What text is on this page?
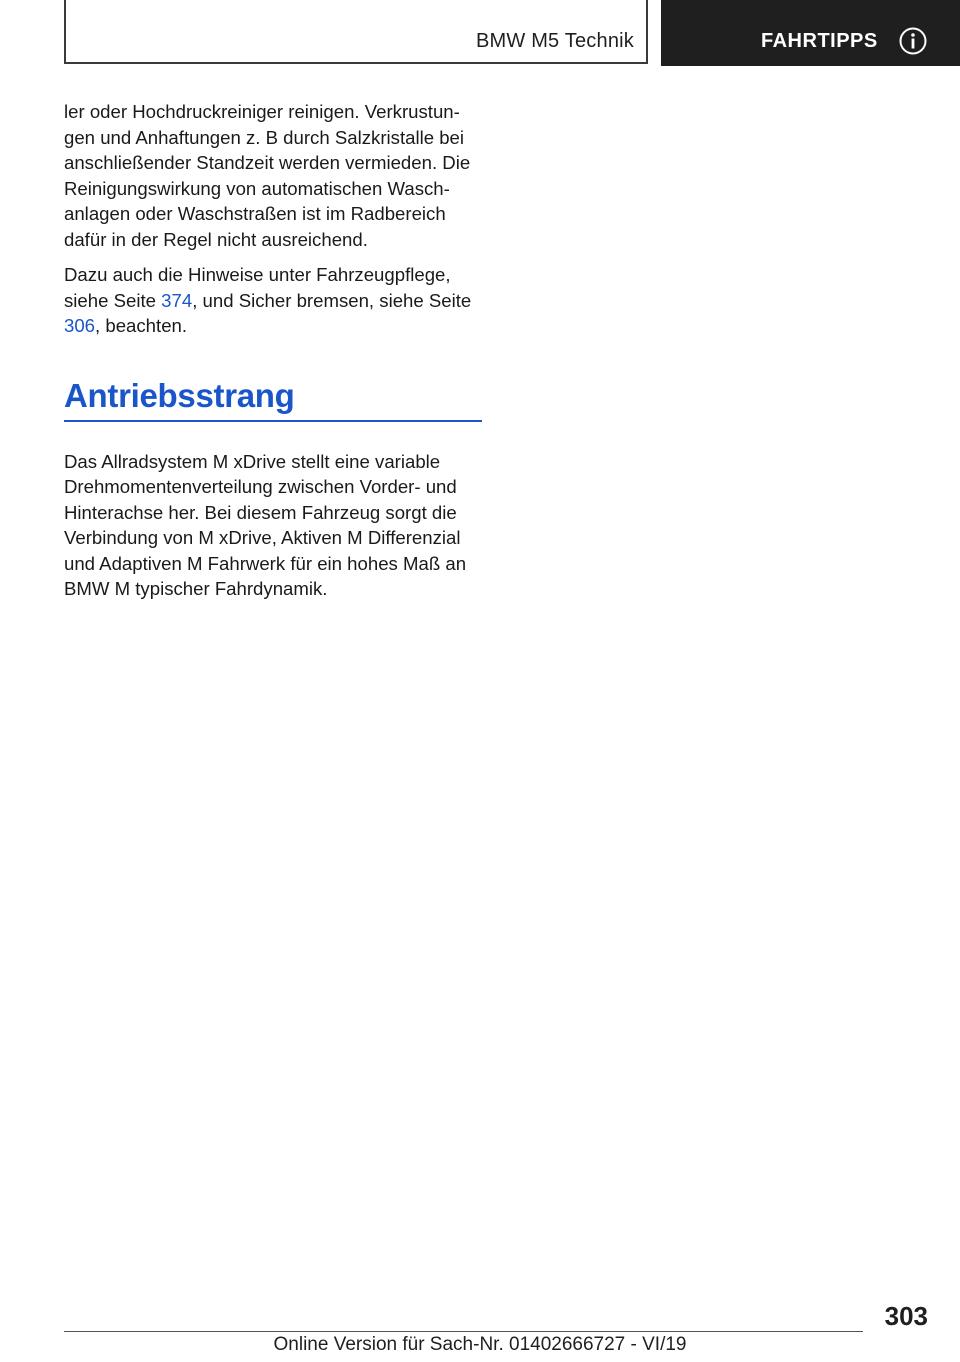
BMW M5 Technik	FAHRTIPPS

ler oder Hochdruckreiniger reinigen. Verkrustun-gen und Anhaftungen z. B durch Salzkristalle bei anschließender Standzeit werden vermieden. Die Reinigungswirkung von automatischen Wasch-anlagen oder Waschstraßen ist im Radbereich dafür in der Regel nicht ausreichend.

Dazu auch die Hinweise unter Fahrzeugpflege, siehe Seite 374, und Sicher bremsen, siehe Seite 306, beachten.

Antriebsstrang

Das Allradsystem M xDrive stellt eine variable Drehmomentenverteilung zwischen Vorder- und Hinterachse her. Bei diesem Fahrzeug sorgt die Verbindung von M xDrive, Aktiven M Differenzial und Adaptiven M Fahrwerk für ein hohes Maß an BMW M typischer Fahrdynamik.

303
Online Version für Sach-Nr. 01402666727 - VI/19
